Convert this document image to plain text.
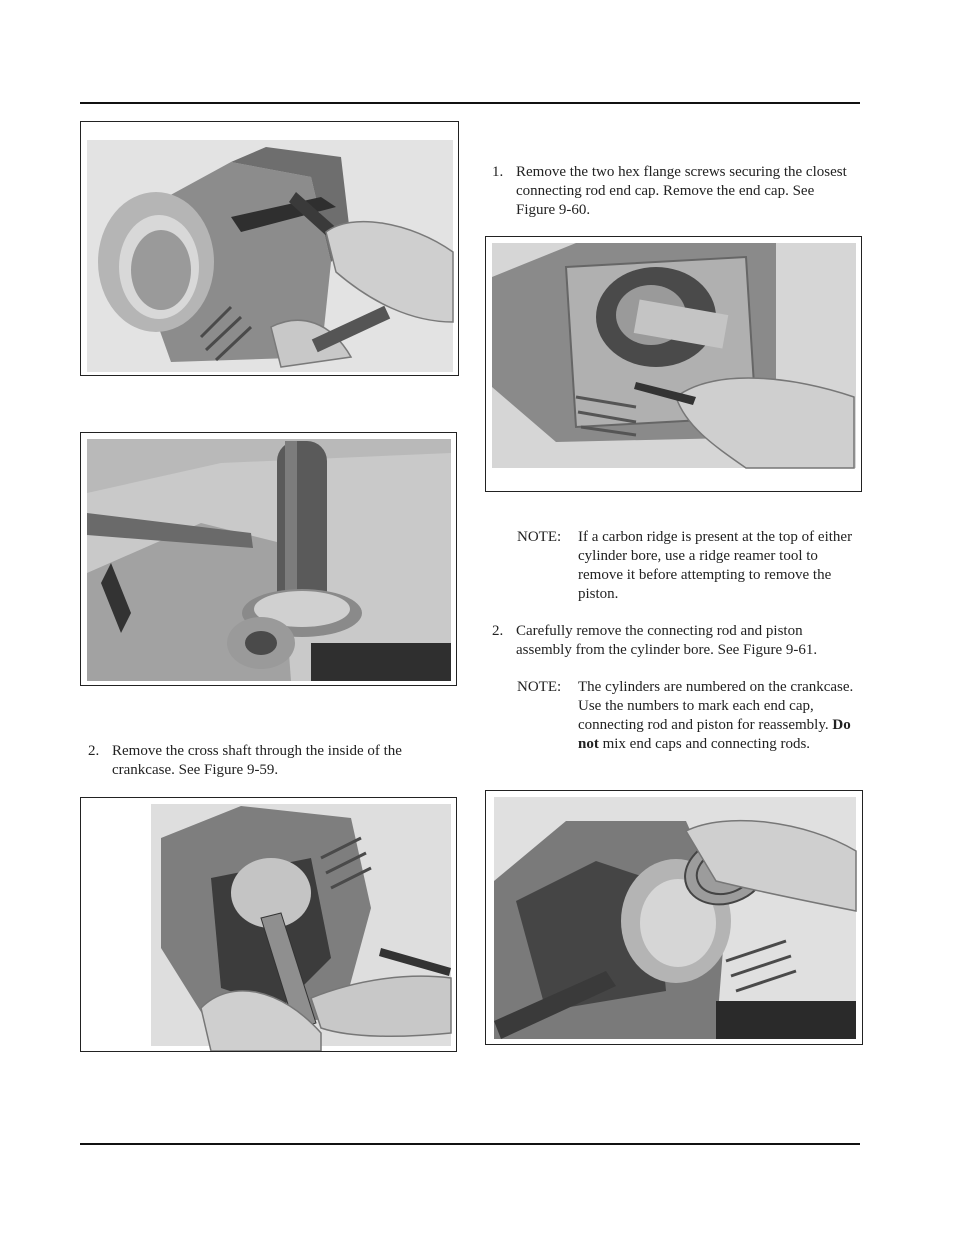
2. Remove the cross shaft through the inside of the crankcase. See Figure 9-59.
1. Remove the two hex flange screws securing the closest connecting rod end cap. Remove the end cap. See Figure 9-60.
NOTE: If a carbon ridge is present at the top of either cylinder bore, use a ridge reamer tool to remove it before attempting to remove the piston.
2. Carefully remove the connecting rod and piston assembly from the cylinder bore. See Figure 9-61.
NOTE: The cylinders are numbered on the crankcase. Use the numbers to mark each end cap, connecting rod and piston for reassembly. Do not mix end caps and connecting rods.
